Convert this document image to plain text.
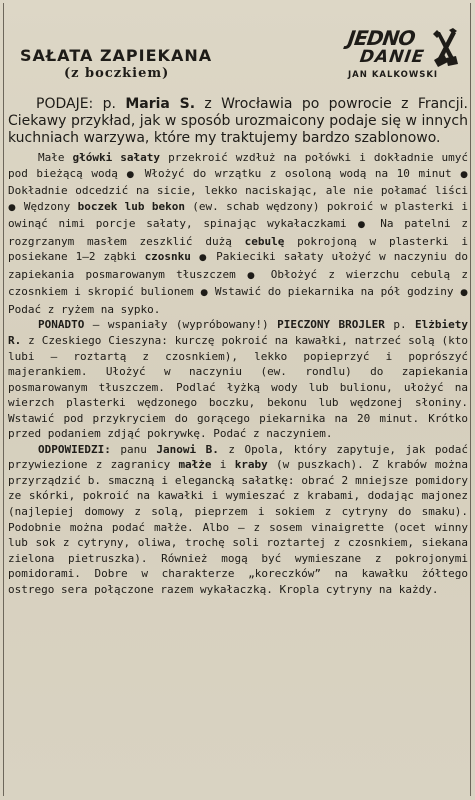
SAŁATA ZAPIEKANA
(z boczkiem)
JEDNO
DANIE
JAN KALKOWSKI

PODAJE: p. Maria S. z Wrocławia po powrocie z Francji. Ciekawy przykład, jak w sposób urozmaicony podaje się w innych kuchniach warzywa, które my traktujemy bardzo szablonowo.

Małe główki sałaty przekroić wzdłuż na połówki i dokładnie umyć pod bieżącą wodą ● Włożyć do wrzątku z osoloną wodą na 10 minut ● Dokładnie odcedzić na sicie, lekko naciskając, ale nie połamać liści ● Wędzony boczek lub bekon (ew. schab wędzony) pokroić w plasterki i owinąć nimi porcje sałaty, spinając wykałaczkami ● Na patelni z rozgrzanym masłem zeszklić dużą cebulę pokrojoną w plasterki i posiekane 1–2 ząbki czosnku ● Pakieciki sałaty ułożyć w naczyniu do zapiekania posmarowanym tłuszczem ● Obłożyć z wierzchu cebulą z czosnkiem i skropić bulionem ● Wstawić do piekarnika na pół godziny ● Podać z ryżem na sypko.

PONADTO — wspaniały (wypróbowany!) PIECZONY BROJLER p. Elżbiety R. z Czeskiego Cieszyna: kurczę pokroić na kawałki, natrzeć solą (kto lubi — roztartą z czosnkiem), lekko popieprzyć i poprószyć majerankiem. Ułożyć w naczyniu (ew. rondlu) do zapiekania posmarowanym tłuszczem. Podlać łyżką wody lub bulionu, ułożyć na wierzch plasterki wędzonego boczku, bekonu lub wędzonej słoniny. Wstawić pod przykryciem do gorącego piekarnika na 20 minut. Krótko przed podaniem zdjąć pokrywkę. Podać z naczyniem.

ODPOWIEDZI: panu Janowi B. z Opola, który zapytuje, jak podać przywiezione z zagranicy małże i kraby (w puszkach). Z krabów można przyrządzić b. smaczną i elegancką sałatkę: obrać 2 mniejsze pomidory ze skórki, pokroić na kawałki i wymieszać z krabami, dodając majonez (najlepiej domowy z solą, pieprzem i sokiem z cytryny do smaku). Podobnie można podać małże. Albo — z sosem vinaigrette (ocet winny lub sok z cytryny, oliwa, trochę soli roztartej z czosnkiem, siekana zielona pietruszka). Również mogą być wymieszane z pokrojonymi pomidorami. Dobre w charakterze „koreczków” na kawałku żółtego ostrego sera połączone razem wykałaczką. Kropla cytryny na każdy.
